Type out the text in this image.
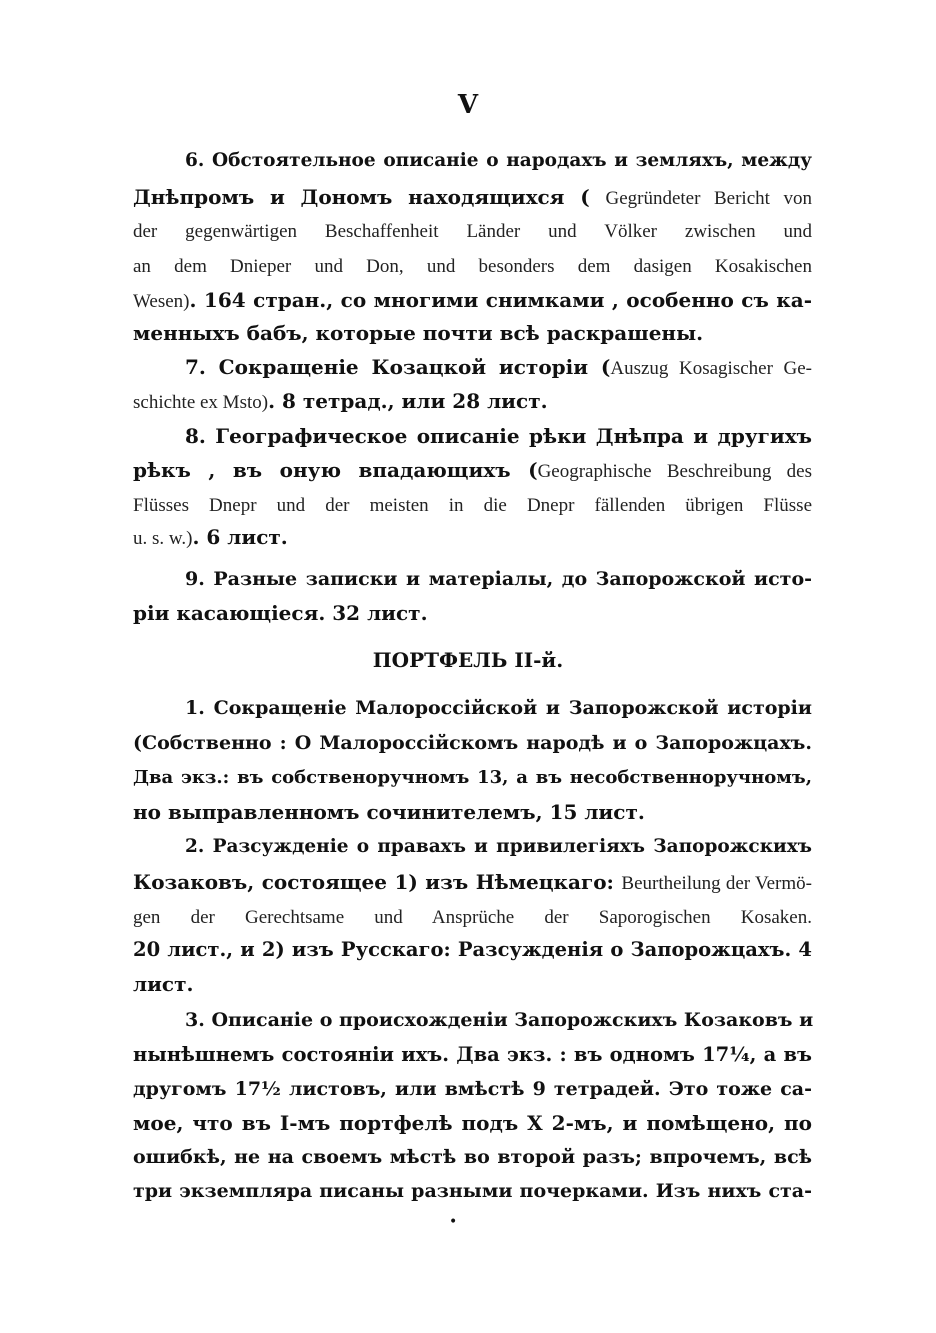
V
6. Обстоятельное описаніе о народахъ и земляхъ, между
Днѣпромъ и Дономъ находящихся ( Gegründeter Bericht von
der gegenwärtigen Beschaffenheit Länder und Völker zwischen und
an dem Dnieper und Don, und besonders dem dasigen Kosakischen
Wesen). 164 стран., со многими снимками , особенно съ ка-
менныхъ бабъ, которые почти всѣ раскрашены.
7. Сокращеніе Козацкой исторіи (Auszug Kosagischer Ge-
schichte ex Msto). 8 тетрад., или 28 лист.
8. Географическое описаніе рѣки Днѣпра и другихъ
рѣкъ , въ оную впадающихъ (Geographische Beschreibung des
Flüsses Dnepr und der meisten in die Dnepr fällenden übrigen Flüsse
u. s. w.). 6 лист.
9. Разные записки и матеріалы, до Запорожской исто-
ріи касающіеся. 32 лист.
ПОРТФЕЛЬ II-й.
1. Сокращеніе Малороссійской и Запорожской исторіи
(Собственно : О Малороссійскомъ народѣ и о Запорожцахъ.
Два экз.: въ собственоручномъ 13, а въ несобственноручномъ,
но выправленномъ сочинителемъ, 15 лист.
2. Разсужденіе о правахъ и привилегіяхъ Запорожскихъ
Козаковъ, состоящее 1) изъ Нѣмецкаго: Beurtheilung der Vermö-
gen der Gerechtsame und Ansprüche der Saporogischen Kosaken.
20 лист., и 2) изъ Русскаго: Разсужденія о Запорожцахъ. 4
лист.
3. Описаніе о происхожденіи Запорожскихъ Козаковъ и
нынѣшнемъ состояніи ихъ. Два экз. : въ одномъ 17¼, а въ
другомъ 17½ листовъ, или вмѣстѣ 9 тетрадей. Это тоже са-
мое, что въ I-мъ портфелѣ подъ X 2-мъ, и помѣщено, по
ошибкѣ, не на своемъ мѣстѣ во второй разъ; впрочемъ, всѣ
три экземпляра писаны разными почерками. Изъ нихъ ста-
•
